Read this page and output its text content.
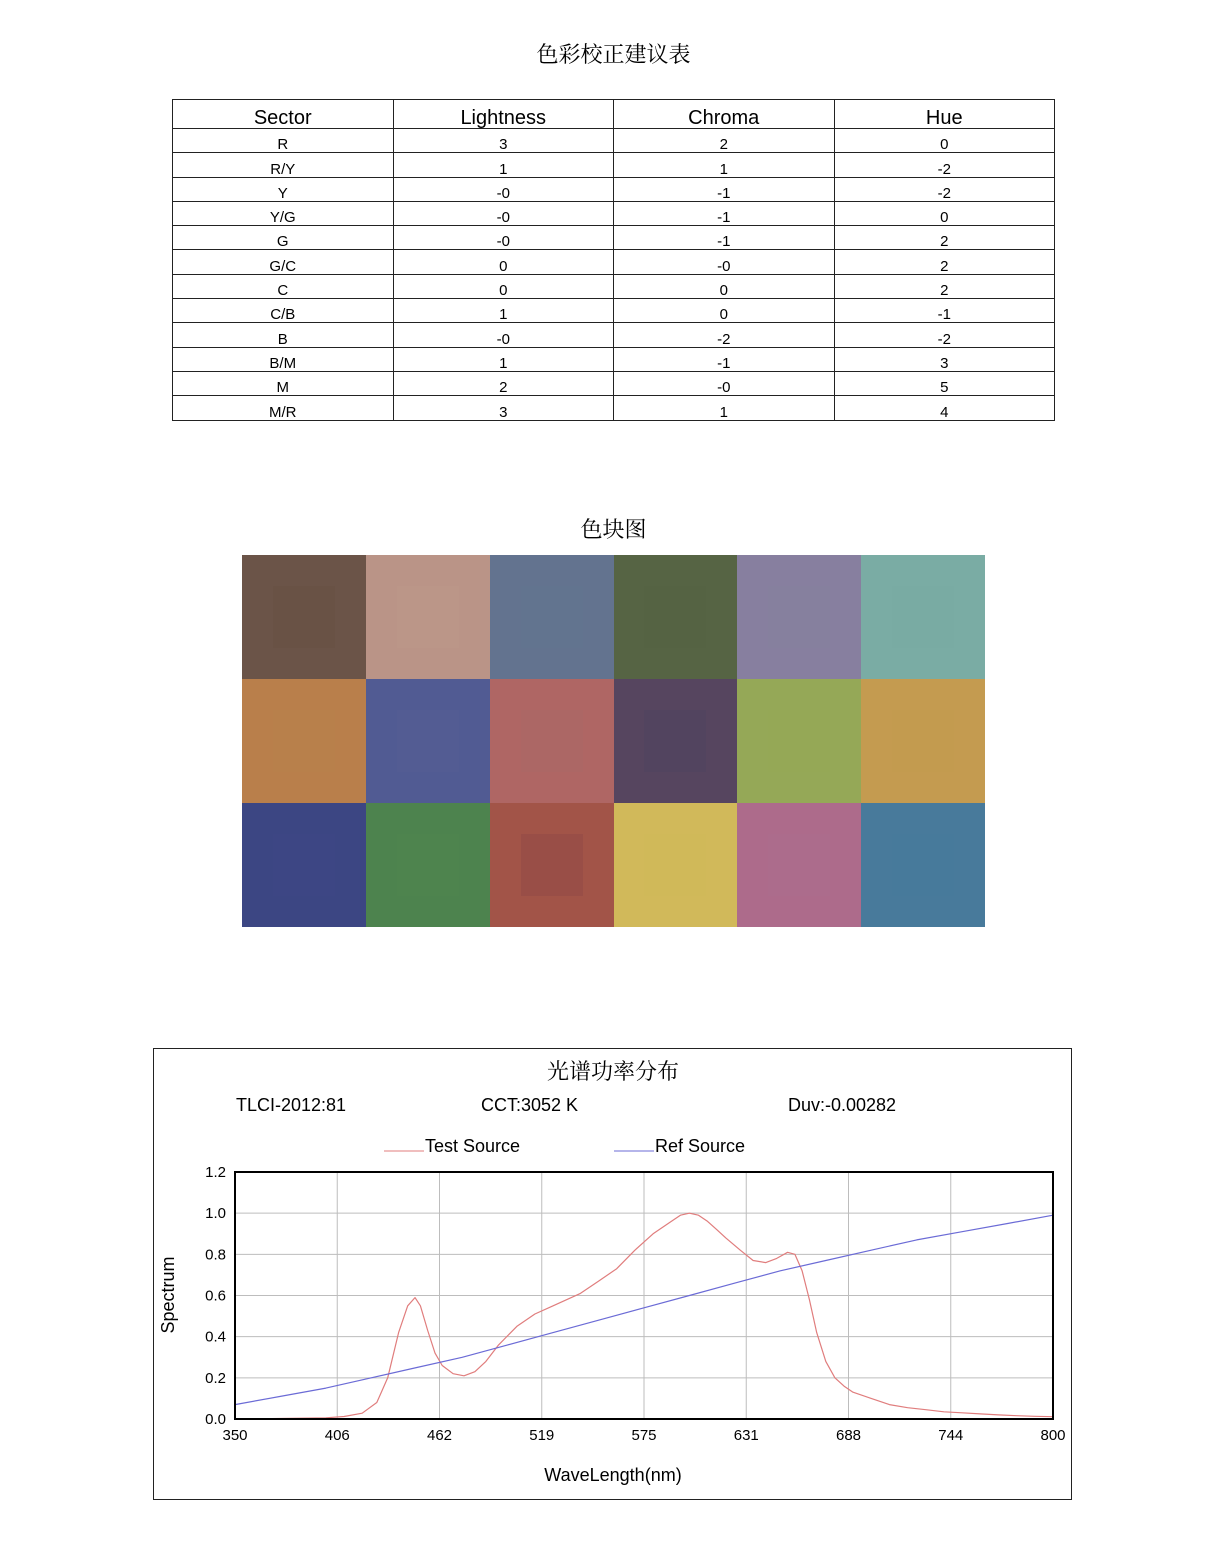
色彩校正建议表
Sector	Lightness	Chroma	Hue
R	3	2	0
R/Y	1	1	-2
Y	-0	-1	-2
Y/G	-0	-1	0
G	-0	-1	2
G/C	0	-0	2
C	0	0	2
C/B	1	0	-1
B	-0	-2	-2
B/M	1	-1	3
M	2	-0	5
M/R	3	1	4
色块图
光谱功率分布
TLCI-2012:81	CCT:3052 K	Duv:-0.00282
Test Source	Ref Source
350	406	462	519	575	631	688	744	800
0.0
0.2
0.4
0.6
0.8
1.0
1.2
WaveLength(nm)
Spectrum
